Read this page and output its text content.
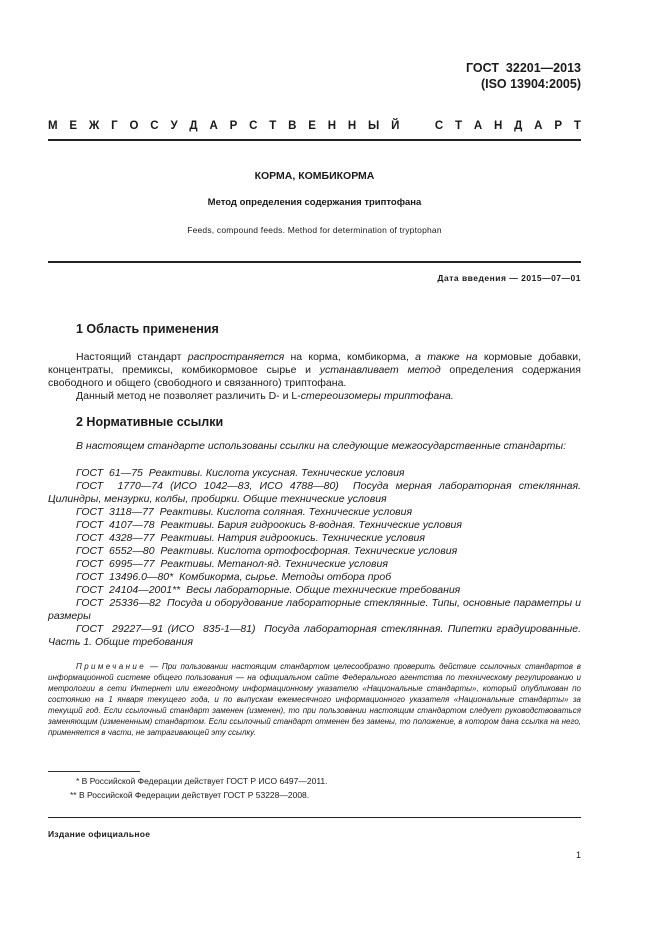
ГОСТ  32201—2013
(ISO 13904:2005)
М Е Ж Г О С У Д А Р С Т В Е Н Н Ы Й	С Т А Н Д А Р Т
КОРМА, КОМБИКОРМА
Метод определения содержания триптофана
Feeds, compound feeds. Method for determination of tryptophan
Дата введения — 2015—07—01
1 Область применения
Настоящий стандарт распространяется на корма, комбикорма, а также на кормовые добавки, концентраты, премиксы, комбикормовое сырье и устанавливает метод определения содержания свободного и общего (свободного и связанного) триптофана.
Данный метод не позволяет различить D- и L-стереоизомеры триптофана.
2 Нормативные ссылки
В настоящем стандарте использованы ссылки на следующие межгосударственные стандарты:
ГОСТ  61—75  Реактивы. Кислота уксусная. Технические условия
ГОСТ  1770—74 (ИСО 1042—83, ИСО 4788—80)  Посуда мерная лабораторная стеклянная. Цилиндры, мензурки, колбы, пробирки. Общие технические условия
ГОСТ  3118—77  Реактивы. Кислота соляная. Технические условия
ГОСТ  4107—78  Реактивы. Бария гидроокись 8-водная. Технические условия
ГОСТ  4328—77  Реактивы. Натрия гидроокись. Технические условия
ГОСТ  6552—80  Реактивы. Кислота ортофосфорная. Технические условия
ГОСТ  6995—77  Реактивы. Метанол-яд. Технические условия
ГОСТ  13496.0—80*  Комбикорма, сырье. Методы отбора проб
ГОСТ  24104—2001**  Весы лабораторные. Общие технические требования
ГОСТ  25336—82  Посуда и оборудование лабораторные стеклянные. Типы, основные параметры и размеры
ГОСТ  29227—91 (ИСО  835-1—81)  Посуда лабораторная стеклянная. Пипетки градуированные. Часть 1. Общие требования
Примечание — При пользовании настоящим стандартом целесообразно проверить действие ссылочных стандартов в информационной системе общего пользования — на официальном сайте Федерального агентства по техническому регулированию и метрологии в сети Интернет или ежегодному информационному указателю «Национальные стандарты», который опубликован по состоянию на 1 января текущего года, и по выпускам ежемесячного информационного указателя «Национальные стандарты» за текущий год. Если ссылочный стандарт заменен (изменен), то при пользовании настоящим стандартом следует руководствоваться заменяющим (измененным) стандартом. Если ссылочный стандарт отменен без замены, то положение, в котором дана ссылка на него, применяется в части, не затрагивающей эту ссылку.
* В Российской Федерации действует ГОСТ Р ИСО 6497—2011.
** В Российской Федерации действует ГОСТ Р 53228—2008.
Издание официальное
1
